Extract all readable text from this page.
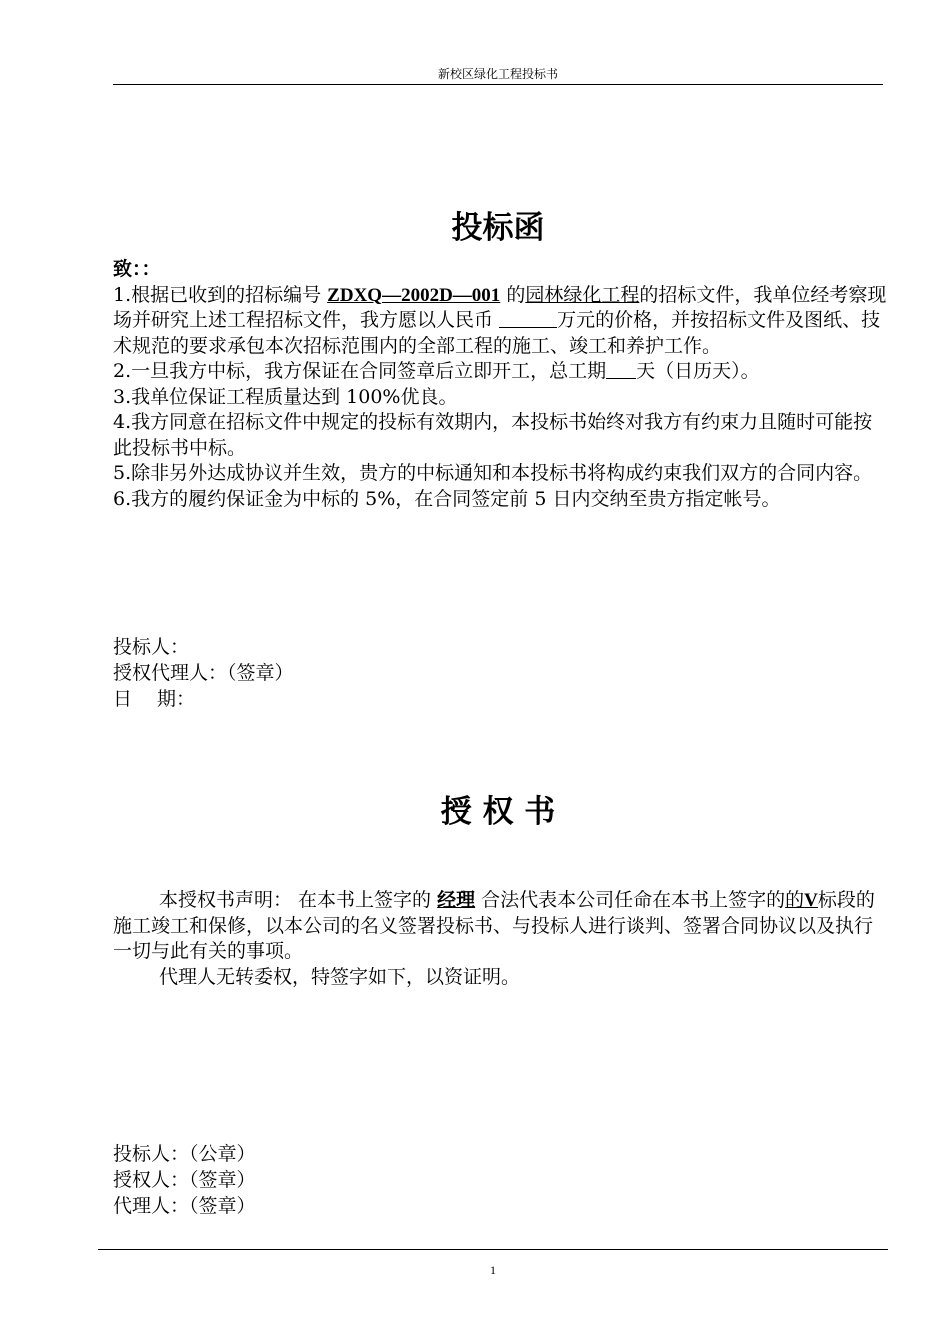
新校区绿化工程投标书
投标函

致：：

1.根据已收到的招标编号 ZDXQ—2002D—001 的园林绿化工程的招标文件，我单位经考察现场并研究上述工程招标文件，我方愿以人民币	万元的价格，并按招标文件及图纸、技术规范的要求承包本次招标范围内的全部工程的施工、竣工和养护工作。

2.一旦我方中标，我方保证在合同签章后立即开工，总工期 天（日历天）。

3.我单位保证工程质量达到 100%优良。

4.我方同意在招标文件中规定的投标有效期内，本投标书始终对我方有约束力且随时可能按此投标书中标。

5.除非另外达成协议并生效，贵方的中标通知和本投标书将构成约束我们双方的合同内容。

6.我方的履约保证金为中标的 5%，在合同签定前 5 日内交纳至贵方指定帐号。

投标人：

授权代理人：（签章）

日　 期：

授 权 书

本授权书声明： 在本书上签字的 经理 合法代表本公司任命在本书上签字的的V标段的施工竣工和保修，以本公司的名义签署投标书、与投标人进行谈判、签署合同协议以及执行一切与此有关的事项。

代理人无转委权，特签字如下，以资证明。

投标人：（公章）

授权人：（签章）

代理人：（签章）

1
